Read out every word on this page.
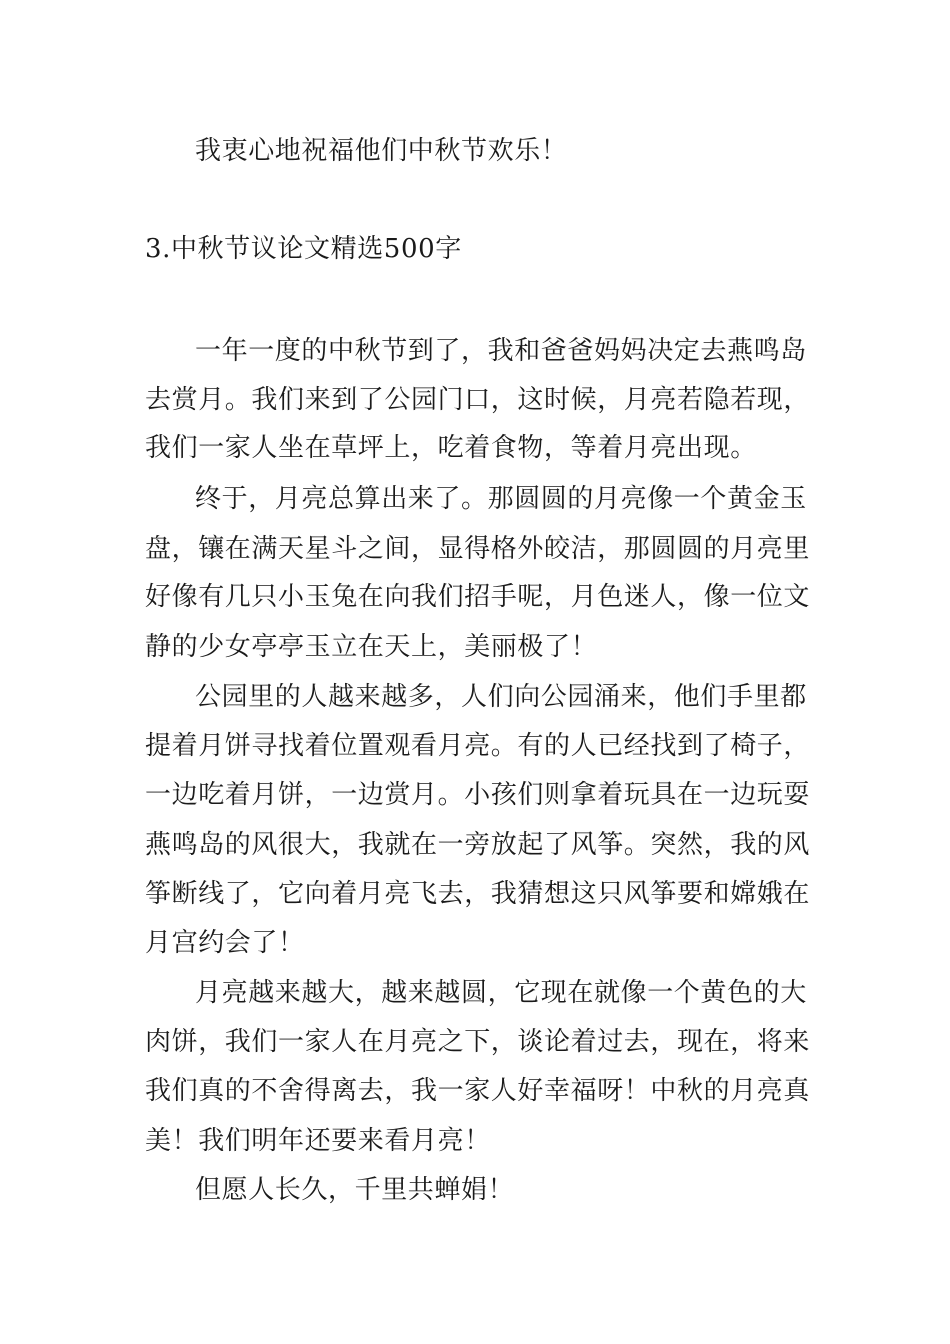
我衷心地祝福他们中秋节欢乐！
3.中秋节议论文精选500字
一年一度的中秋节到了，我和爸爸妈妈决定去燕鸣岛
去赏月。我们来到了公园门口，这时候，月亮若隐若现，
我们一家人坐在草坪上，吃着食物，等着月亮出现。
终于，月亮总算出来了。那圆圆的月亮像一个黄金玉
盘，镶在满天星斗之间，显得格外皎洁，那圆圆的月亮里
好像有几只小玉兔在向我们招手呢，月色迷人，像一位文
静的少女亭亭玉立在天上，美丽极了！
公园里的人越来越多，人们向公园涌来，他们手里都
提着月饼寻找着位置观看月亮。有的人已经找到了椅子，
一边吃着月饼，一边赏月。小孩们则拿着玩具在一边玩耍
燕鸣岛的风很大，我就在一旁放起了风筝。突然，我的风
筝断线了，它向着月亮飞去，我猜想这只风筝要和嫦娥在
月宫约会了！
月亮越来越大，越来越圆，它现在就像一个黄色的大
肉饼，我们一家人在月亮之下，谈论着过去，现在，将来
我们真的不舍得离去，我一家人好幸福呀！中秋的月亮真
美！我们明年还要来看月亮！
但愿人长久，千里共蝉娟！
